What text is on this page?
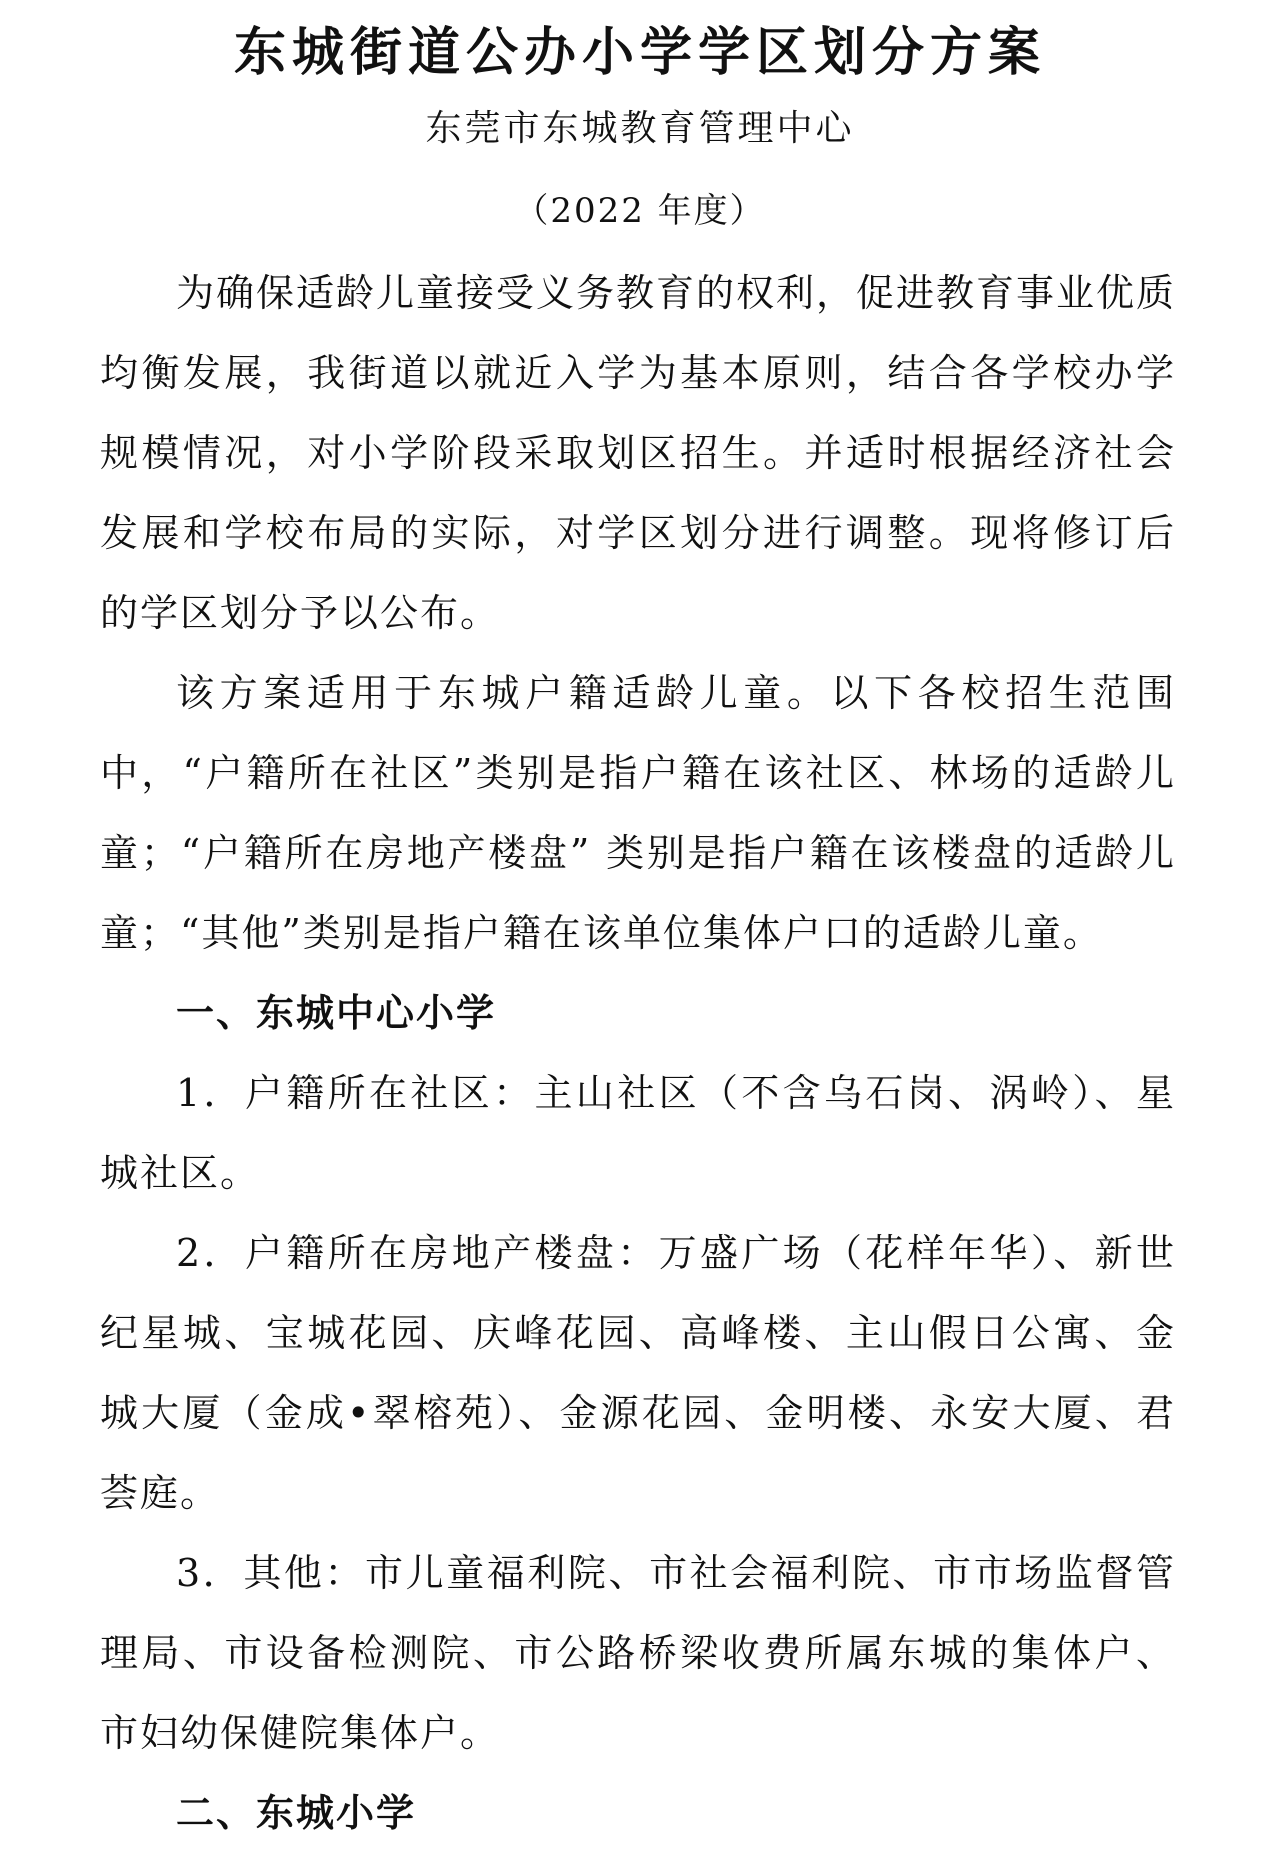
东城街道公办小学学区划分方案
东莞市东城教育管理中心
（2022 年度）

为确保适龄儿童接受义务教育的权利，促进教育事业优质均衡发展，我街道以就近入学为基本原则，结合各学校办学规模情况，对小学阶段采取划区招生。并适时根据经济社会发展和学校布局的实际，对学区划分进行调整。现将修订后的学区划分予以公布。

该方案适用于东城户籍适龄儿童。以下各校招生范围中，“户籍所在社区”类别是指户籍在该社区、林场的适龄儿童；“户籍所在房地产楼盘” 类别是指户籍在该楼盘的适龄儿童；“其他”类别是指户籍在该单位集体户口的适龄儿童。

一、东城中心小学

1．户籍所在社区：主山社区（不含乌石岗、涡岭）、星城社区。

2．户籍所在房地产楼盘：万盛广场（花样年华）、新世纪星城、宝城花园、庆峰花园、高峰楼、主山假日公寓、金城大厦（金成•翠榕苑）、金源花园、金明楼、永安大厦、君荟庭。

3．其他：市儿童福利院、市社会福利院、市市场监督管理局、市设备检测院、市公路桥梁收费所属东城的集体户、市妇幼保健院集体户。

二、东城小学
